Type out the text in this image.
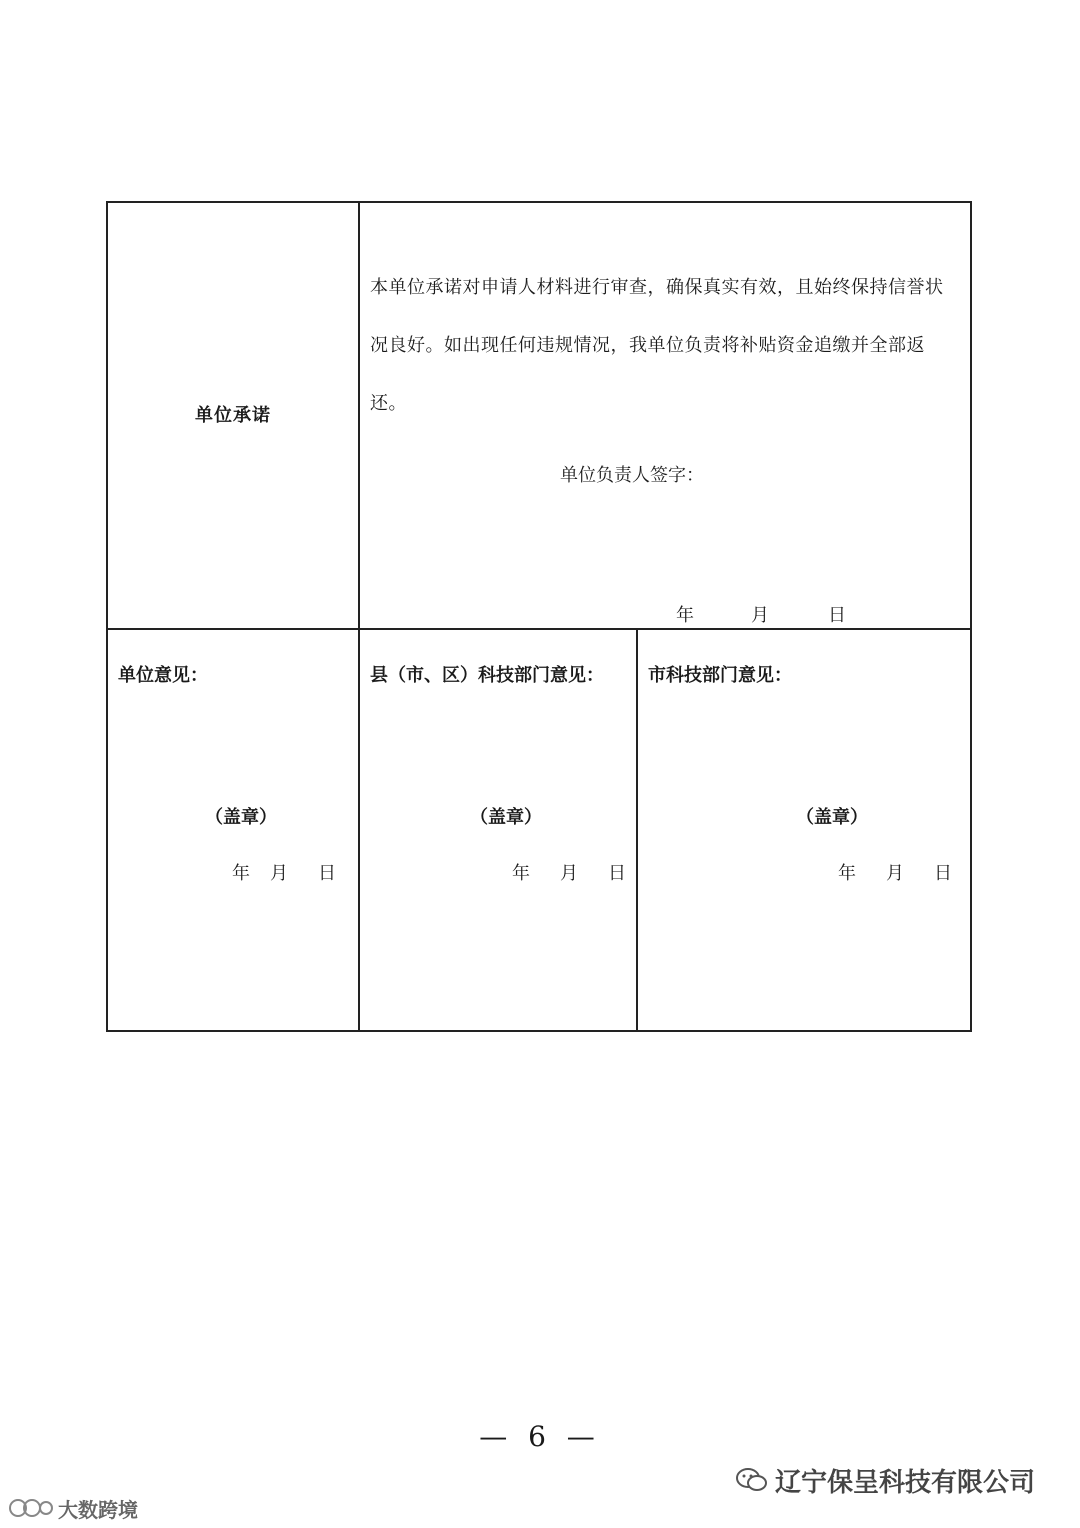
单位承诺
本单位承诺对申请人材料进行审查，确保真实有效，且始终保持信誉状况良好。如出现任何违规情况，我单位负责将补贴资金追缴并全部返还。
单位负责人签字：
年	月	日
单位意见：
（盖章）
年 月 日
县（市、区）科技部门意见：
（盖章）
年 月 日
市科技部门意见：
（盖章）
年 月 日
— 6 —
辽宁保呈科技有限公司
大数跨境
